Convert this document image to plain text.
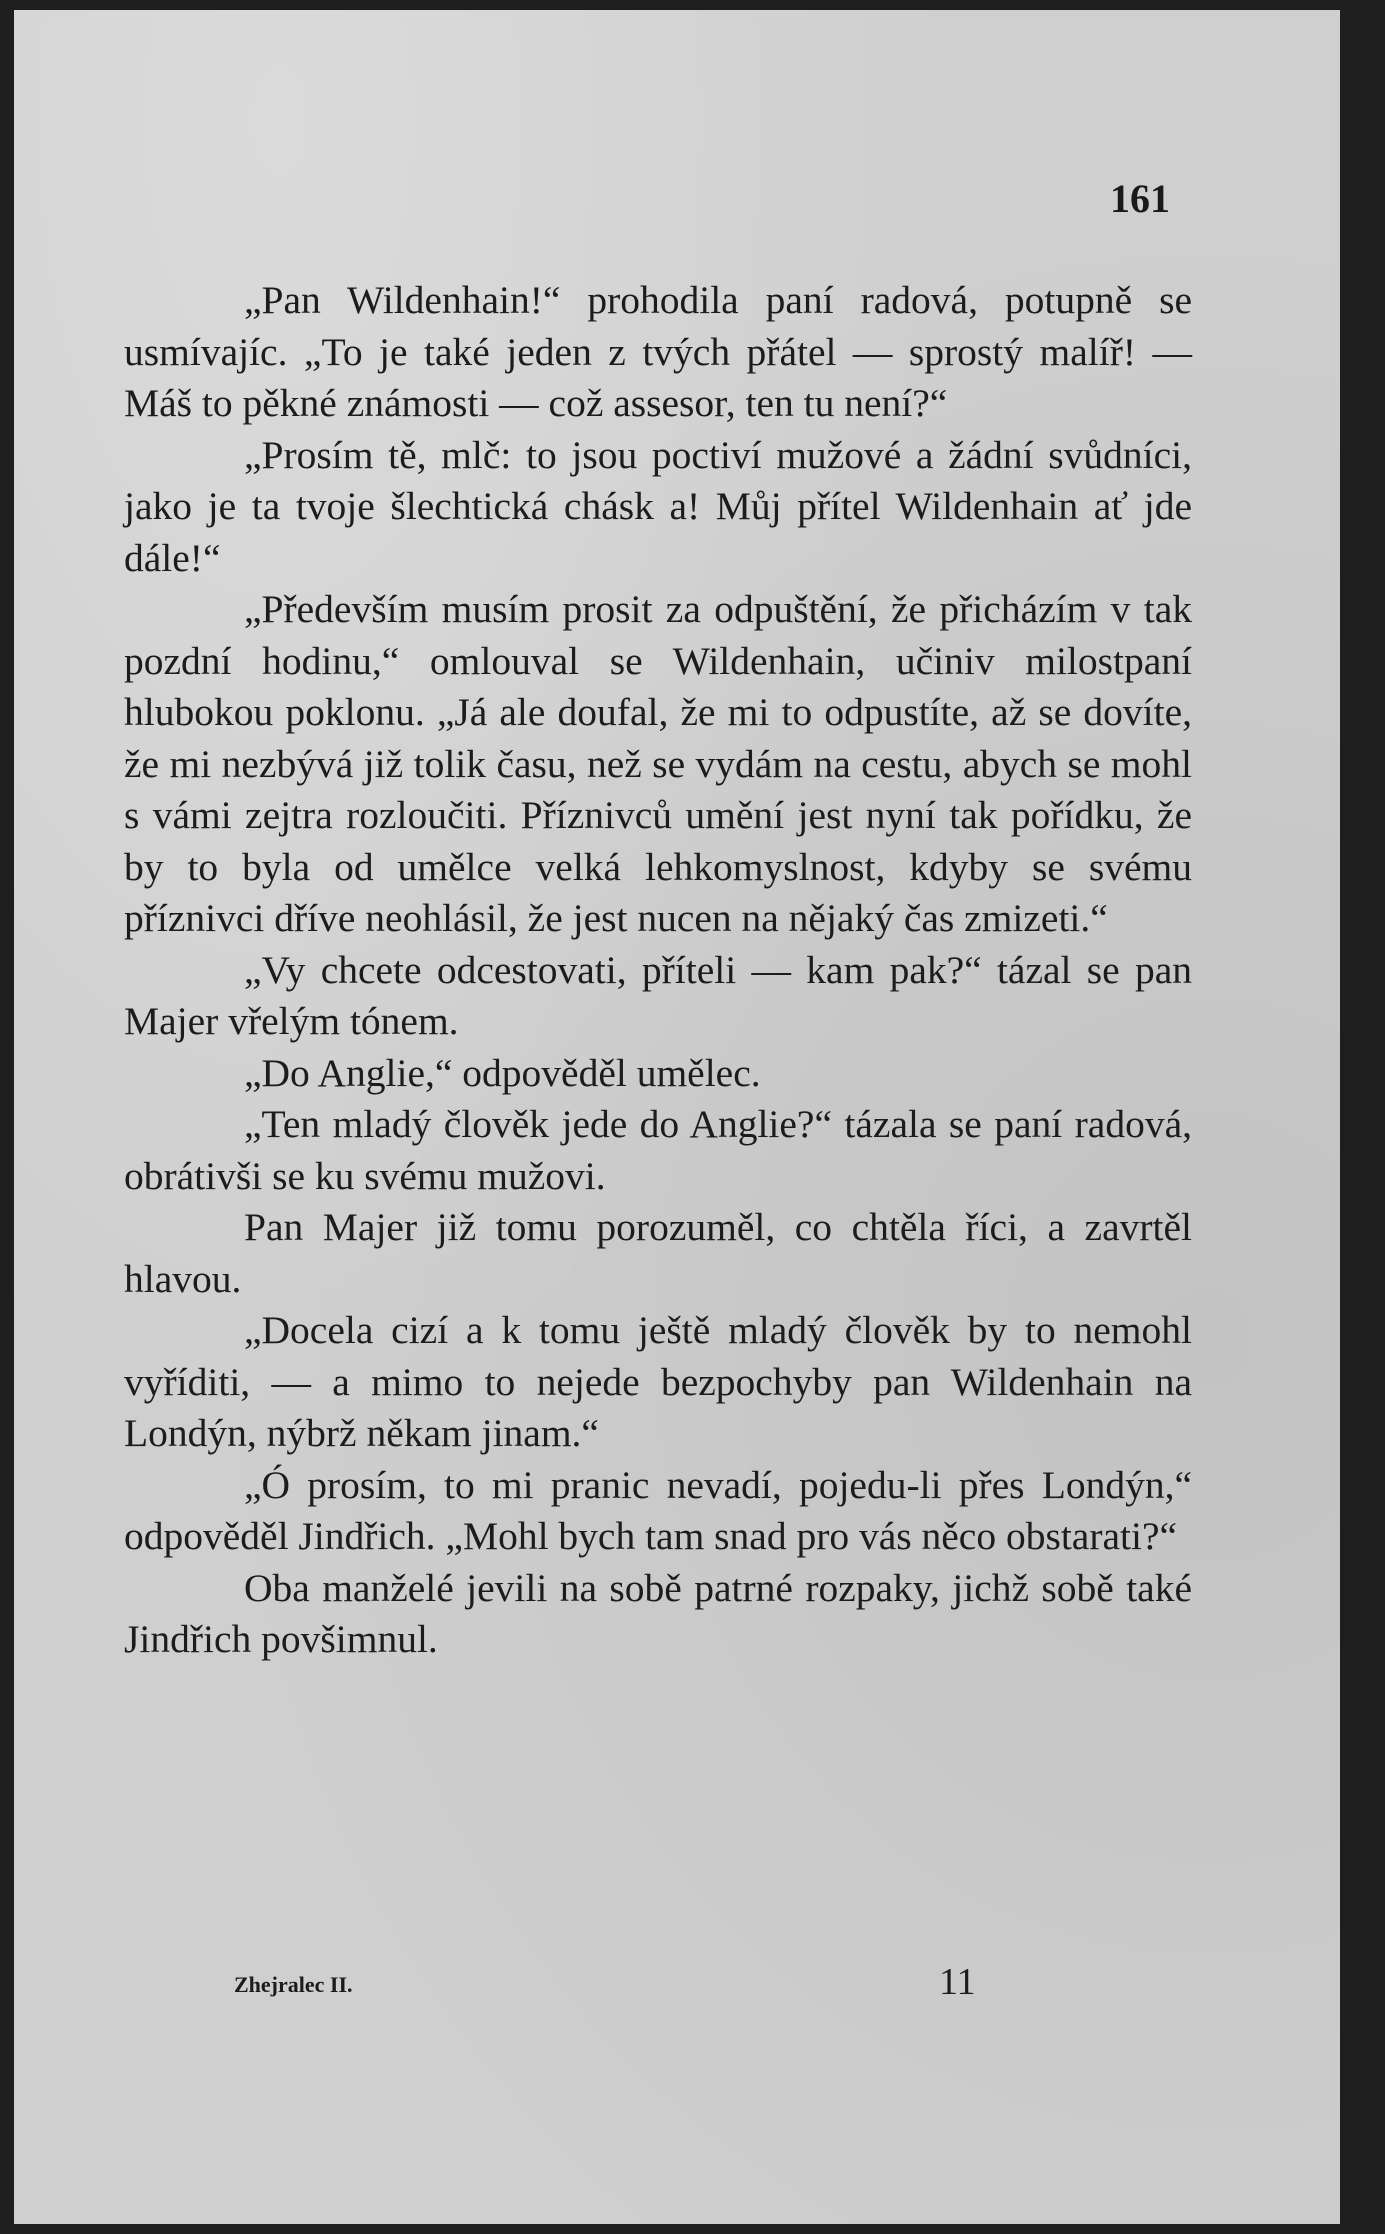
161

„Pan Wildenhain!“ prohodila paní radová, potupně se usmívajíc. „To je také jeden z tvých přátel — sprostý malíř! — Máš to pěkné známosti — což assesor, ten tu není?“

„Prosím tě, mlč: to jsou poctiví mužové a žádní svůdníci, jako je ta tvoje šlechtická chásk a! Můj přítel Wildenhain ať jde dále!“

„Především musím prosit za odpuštění, že přicházím v tak pozdní hodinu,“ omlouval se Wildenhain, učiniv milostpaní hlubokou poklonu. „Já ale doufal, že mi to odpustíte, až se dovíte, že mi nezbývá již tolik času, než se vydám na cestu, abych se mohl s vámi zejtra rozloučiti. Příznivců umění jest nyní tak pořídku, že by to byla od umělce velká lehkomyslnost, kdyby se svému příznivci dříve neohlásil, že jest nucen na nějaký čas zmizeti.“

„Vy chcete odcestovati, příteli — kam pak?“ tázal se pan Majer vřelým tónem.

„Do Anglie,“ odpověděl umělec.

„Ten mladý člověk jede do Anglie?“ tázala se paní radová, obrátivši se ku svému mužovi.

Pan Majer již tomu porozuměl, co chtěla říci, a zavrtěl hlavou.

„Docela cizí a k tomu ještě mladý člověk by to nemohl vyříditi, — a mimo to nejede bezpochyby pan Wildenhain na Londýn, nýbrž někam jinam.“

„Ó prosím, to mi pranic nevadí, pojedu-li přes Londýn,“ odpověděl Jindřich. „Mohl bych tam snad pro vás něco obstarati?“

Oba manželé jevili na sobě patrné rozpaky, jichž sobě také Jindřich povšimnul.

Zhejralec II.	11
